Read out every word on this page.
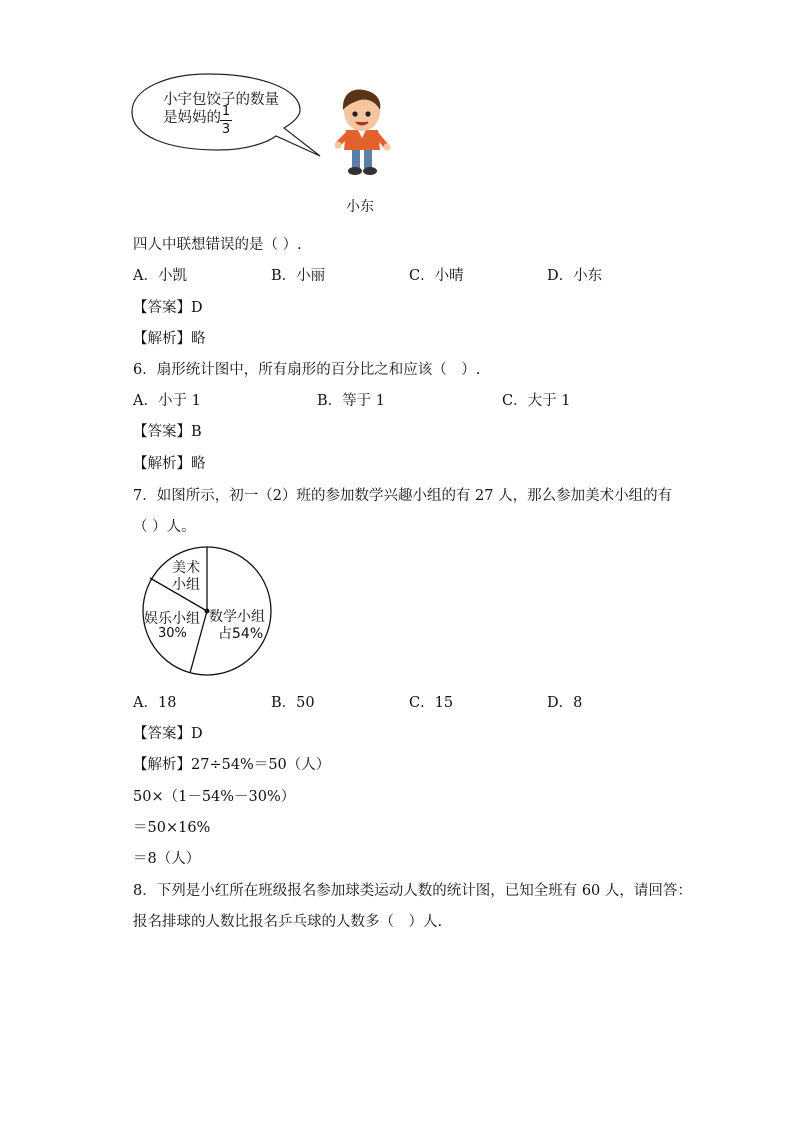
小宇包饺子的数量
是妈妈的 1
3
小东
四人中联想错误的是（ ）.
A．小凯	B．小丽	C．小晴	D．小东
【答案】D
【解析】略
6．扇形统计图中，所有扇形的百分比之和应该（　）.
A．小于 1	B．等于 1	C．大于 1
【答案】B
【解析】略
7．如图所示，初一（2）班的参加数学兴趣小组的有 27 人，那么参加美术小组的有
（ ）人。
美术
小组
娱乐小组
30%
数学小组
占54%
A．18	B．50	C．15	D．8
【答案】D
【解析】27÷54%＝50（人）
50×（1－54%－30%）
＝50×16%
＝8（人）
8．下列是小红所在班级报名参加球类运动人数的统计图，已知全班有 60 人，请回答：
报名排球的人数比报名乒乓球的人数多（　）人.
